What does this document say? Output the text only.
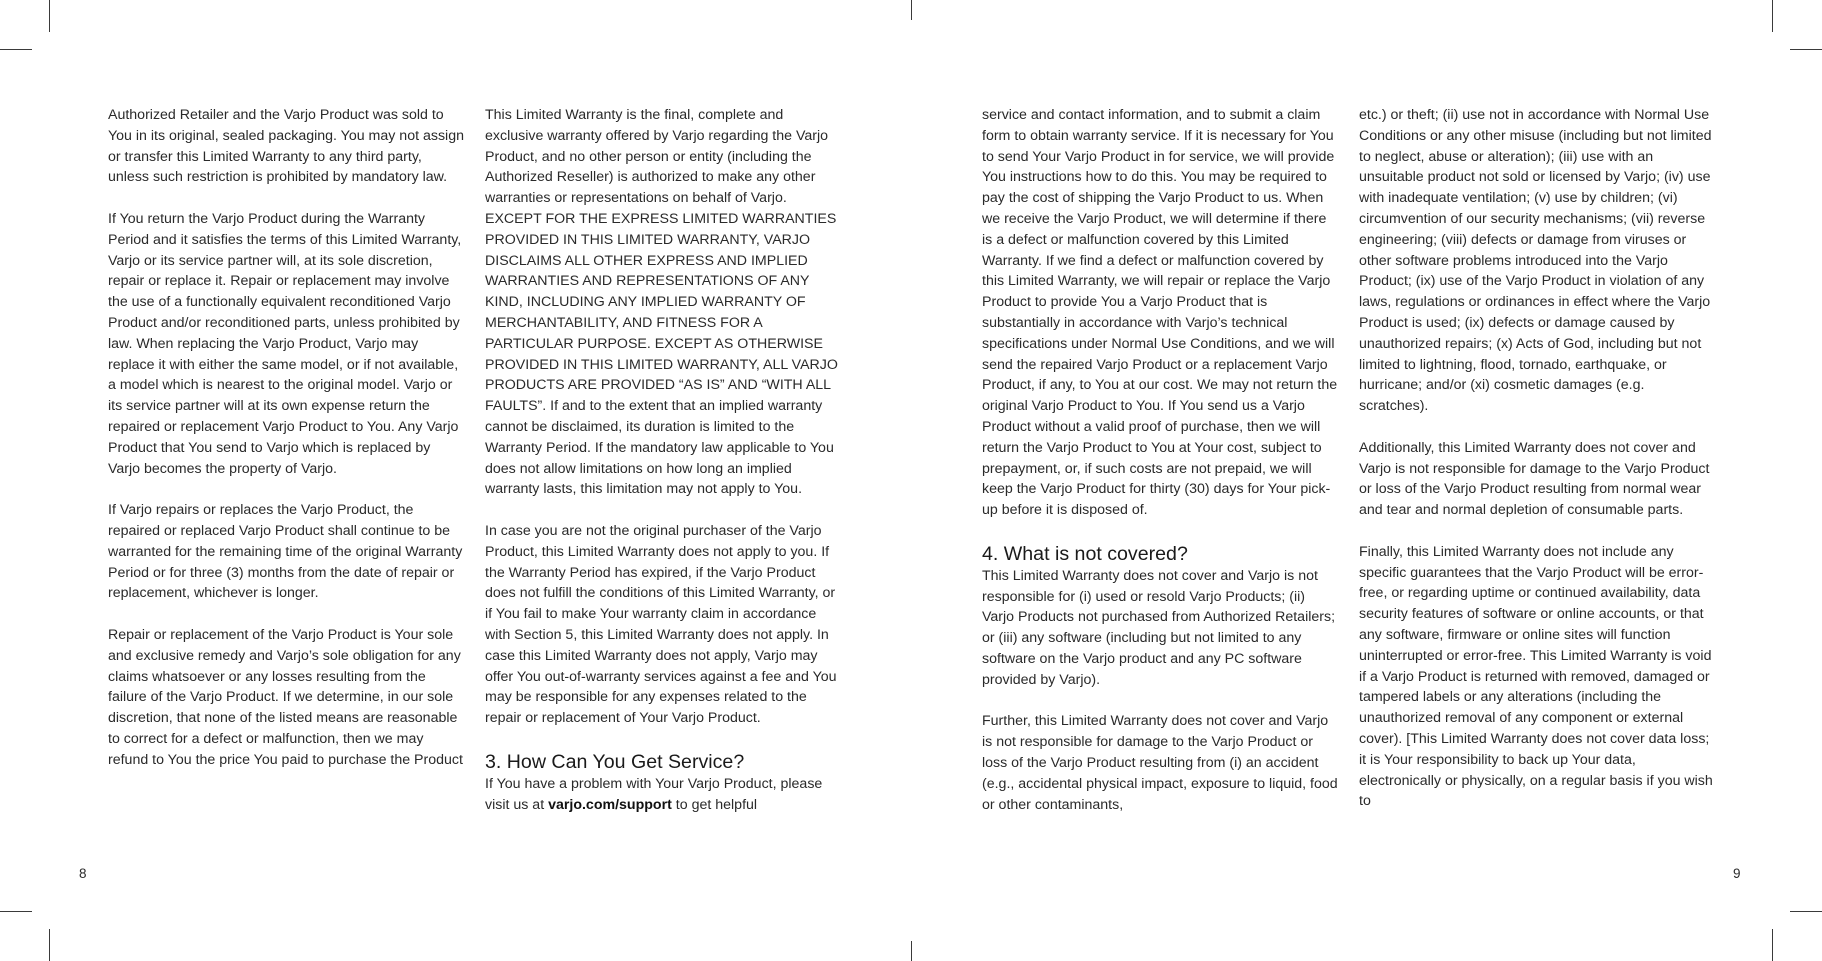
Authorized Retailer and the Varjo Product was sold to You in its original, sealed packaging. You may not assign or transfer this Limited Warranty to any third party, unless such restriction is prohibited by mandatory law.

If You return the Varjo Product during the Warranty Period and it satisfies the terms of this Limited Warranty, Varjo or its service partner will, at its sole discretion, repair or replace it. Repair or replacement may involve the use of a functionally equivalent reconditioned Varjo Product and/or reconditioned parts, unless prohibited by law. When replacing the Varjo Product, Varjo may replace it with either the same model, or if not available, a model which is nearest to the original model. Varjo or its service partner will at its own expense return the repaired or replacement Varjo Product to You. Any Varjo Product that You send to Varjo which is replaced by Varjo becomes the property of Varjo.

If Varjo repairs or replaces the Varjo Product, the repaired or replaced Varjo Product shall continue to be warranted for the remaining time of the original Warranty Period or for three (3) months from the date of repair or replacement, whichever is longer.

Repair or replacement of the Varjo Product is Your sole and exclusive remedy and Varjo’s sole obligation for any claims whatsoever or any losses resulting from the failure of the Varjo Product. If we determine, in our sole discretion, that none of the listed means are reasonable to correct for a defect or malfunction, then we may refund to You the price You paid to purchase the Product

This Limited Warranty is the final, complete and exclusive warranty offered by Varjo regarding the Varjo Product, and no other person or entity (including the Authorized Reseller) is authorized to make any other warranties or representations on behalf of Varjo. EXCEPT FOR THE EXPRESS LIMITED WARRANTIES PROVIDED IN THIS LIMITED WARRANTY, VARJO DISCLAIMS ALL OTHER EXPRESS AND IMPLIED WARRANTIES AND REPRESENTATIONS OF ANY KIND, INCLUDING ANY IMPLIED WARRANTY OF MERCHANTABILITY, AND FITNESS FOR A PARTICULAR PURPOSE. EXCEPT AS OTHERWISE PROVIDED IN THIS LIMITED WARRANTY, ALL VARJO PRODUCTS ARE PROVIDED “AS IS” AND “WITH ALL FAULTS”. If and to the extent that an implied warranty cannot be disclaimed, its duration is limited to the Warranty Period. If the mandatory law applicable to You does not allow limitations on how long an implied warranty lasts, this limitation may not apply to You.

In case you are not the original purchaser of the Varjo Product, this Limited Warranty does not apply to you. If the Warranty Period has expired, if the Varjo Product does not fulfill the conditions of this Limited Warranty, or if You fail to make Your warranty claim in accordance with Section 5, this Limited Warranty does not apply. In case this Limited Warranty does not apply, Varjo may offer You out-of-warranty services against a fee and You may be responsible for any expenses related to the repair or replacement of Your Varjo Product.

3. How Can You Get Service?

If You have a problem with Your Varjo Product, please visit us at varjo.com/support to get helpful

service and contact information, and to submit a claim form to obtain warranty service. If it is necessary for You to send Your Varjo Product in for service, we will provide You instructions how to do this. You may be required to pay the cost of shipping the Varjo Product to us. When we receive the Varjo Product, we will determine if there is a defect or malfunction covered by this Limited Warranty. If we find a defect or malfunction covered by this Limited Warranty, we will repair or replace the Varjo Product to provide You a Varjo Product that is substantially in accordance with Varjo’s technical specifications under Normal Use Conditions, and we will send the repaired Varjo Product or a replacement Varjo Product, if any, to You at our cost. We may not return the original Varjo Product to You. If You send us a Varjo Product without a valid proof of purchase, then we will return the Varjo Product to You at Your cost, subject to prepayment, or, if such costs are not prepaid, we will keep the Varjo Product for thirty (30) days for Your pick-up before it is disposed of.

4. What is not covered?

This Limited Warranty does not cover and Varjo is not responsible for (i) used or resold Varjo Products; (ii) Varjo Products not purchased from Authorized Retailers; or (iii) any software (including but not limited to any software on the Varjo product and any PC software provided by Varjo).

Further, this Limited Warranty does not cover and Varjo is not responsible for damage to the Varjo Product or loss of the Varjo Product resulting from (i) an accident (e.g., accidental physical impact, exposure to liquid, food or other contaminants,

etc.) or theft; (ii) use not in accordance with Normal Use Conditions or any other misuse (including but not limited to neglect, abuse or alteration); (iii) use with an unsuitable product not sold or licensed by Varjo; (iv) use with inadequate ventilation; (v) use by children; (vi) circumvention of our security mechanisms; (vii) reverse engineering; (viii) defects or damage from viruses or other software problems introduced into the Varjo Product; (ix) use of the Varjo Product in violation of any laws, regulations or ordinances in effect where the Varjo Product is used; (ix) defects or damage caused by unauthorized repairs; (x) Acts of God, including but not limited to lightning, flood, tornado, earthquake, or hurricane; and/or (xi) cosmetic damages (e.g. scratches).

Additionally, this Limited Warranty does not cover and Varjo is not responsible for damage to the Varjo Product or loss of the Varjo Product resulting from normal wear and tear and normal depletion of consumable parts.

Finally, this Limited Warranty does not include any specific guarantees that the Varjo Product will be error-free, or regarding uptime or continued availability, data security features of software or online accounts, or that any software, firmware or online sites will function uninterrupted or error-free. This Limited Warranty is void if a Varjo Product is returned with removed, damaged or tampered labels or any alterations (including the unauthorized removal of any component or external cover). [This Limited Warranty does not cover data loss; it is Your responsibility to back up Your data, electronically or physically, on a regular basis if you wish to

8	9
